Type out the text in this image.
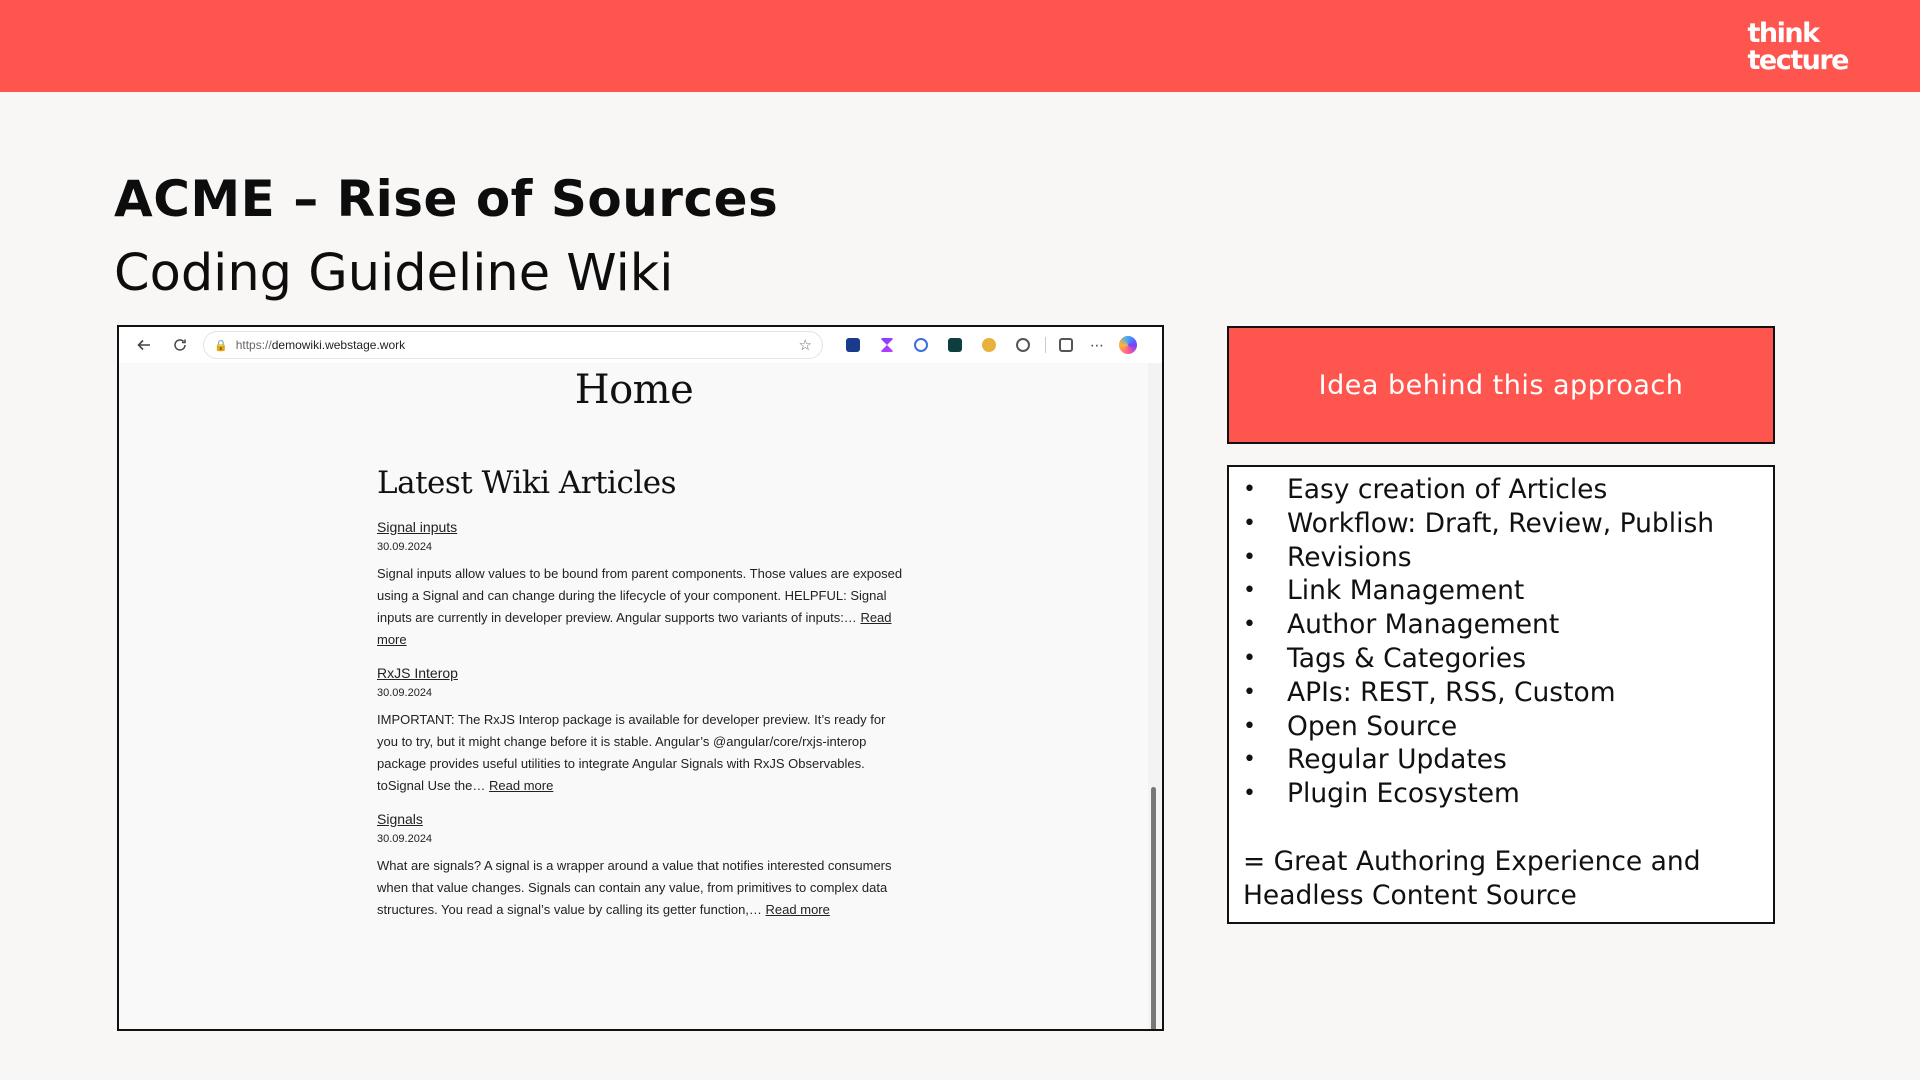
think
tecture
ACME – Rise of Sources
Coding Guideline Wiki
🔒 https://demowiki.webstage.work	☆	⋯
Home
Latest Wiki Articles
Signal inputs
30.09.2024
Signal inputs allow values to be bound from parent components. Those values are exposed using a Signal and can change during the lifecycle of your component. HELPFUL: Signal inputs are currently in developer preview. Angular supports two variants of inputs:… Read more
RxJS Interop
30.09.2024
IMPORTANT: The RxJS Interop package is available for developer preview. It’s ready for you to try, but it might change before it is stable. Angular’s @angular/core/rxjs-interop package provides useful utilities to integrate Angular Signals with RxJS Observables. toSignal Use the… Read more
Signals
30.09.2024
What are signals? A signal is a wrapper around a value that notifies interested consumers when that value changes. Signals can contain any value, from primitives to complex data structures. You read a signal’s value by calling its getter function,… Read more
Idea behind this approach
• Easy creation of Articles
• Workflow: Draft, Review, Publish
• Revisions
• Link Management
• Author Management
• Tags & Categories
• APIs: REST, RSS, Custom
• Open Source
• Regular Updates
• Plugin Ecosystem
= Great Authoring Experience and Headless Content Source
